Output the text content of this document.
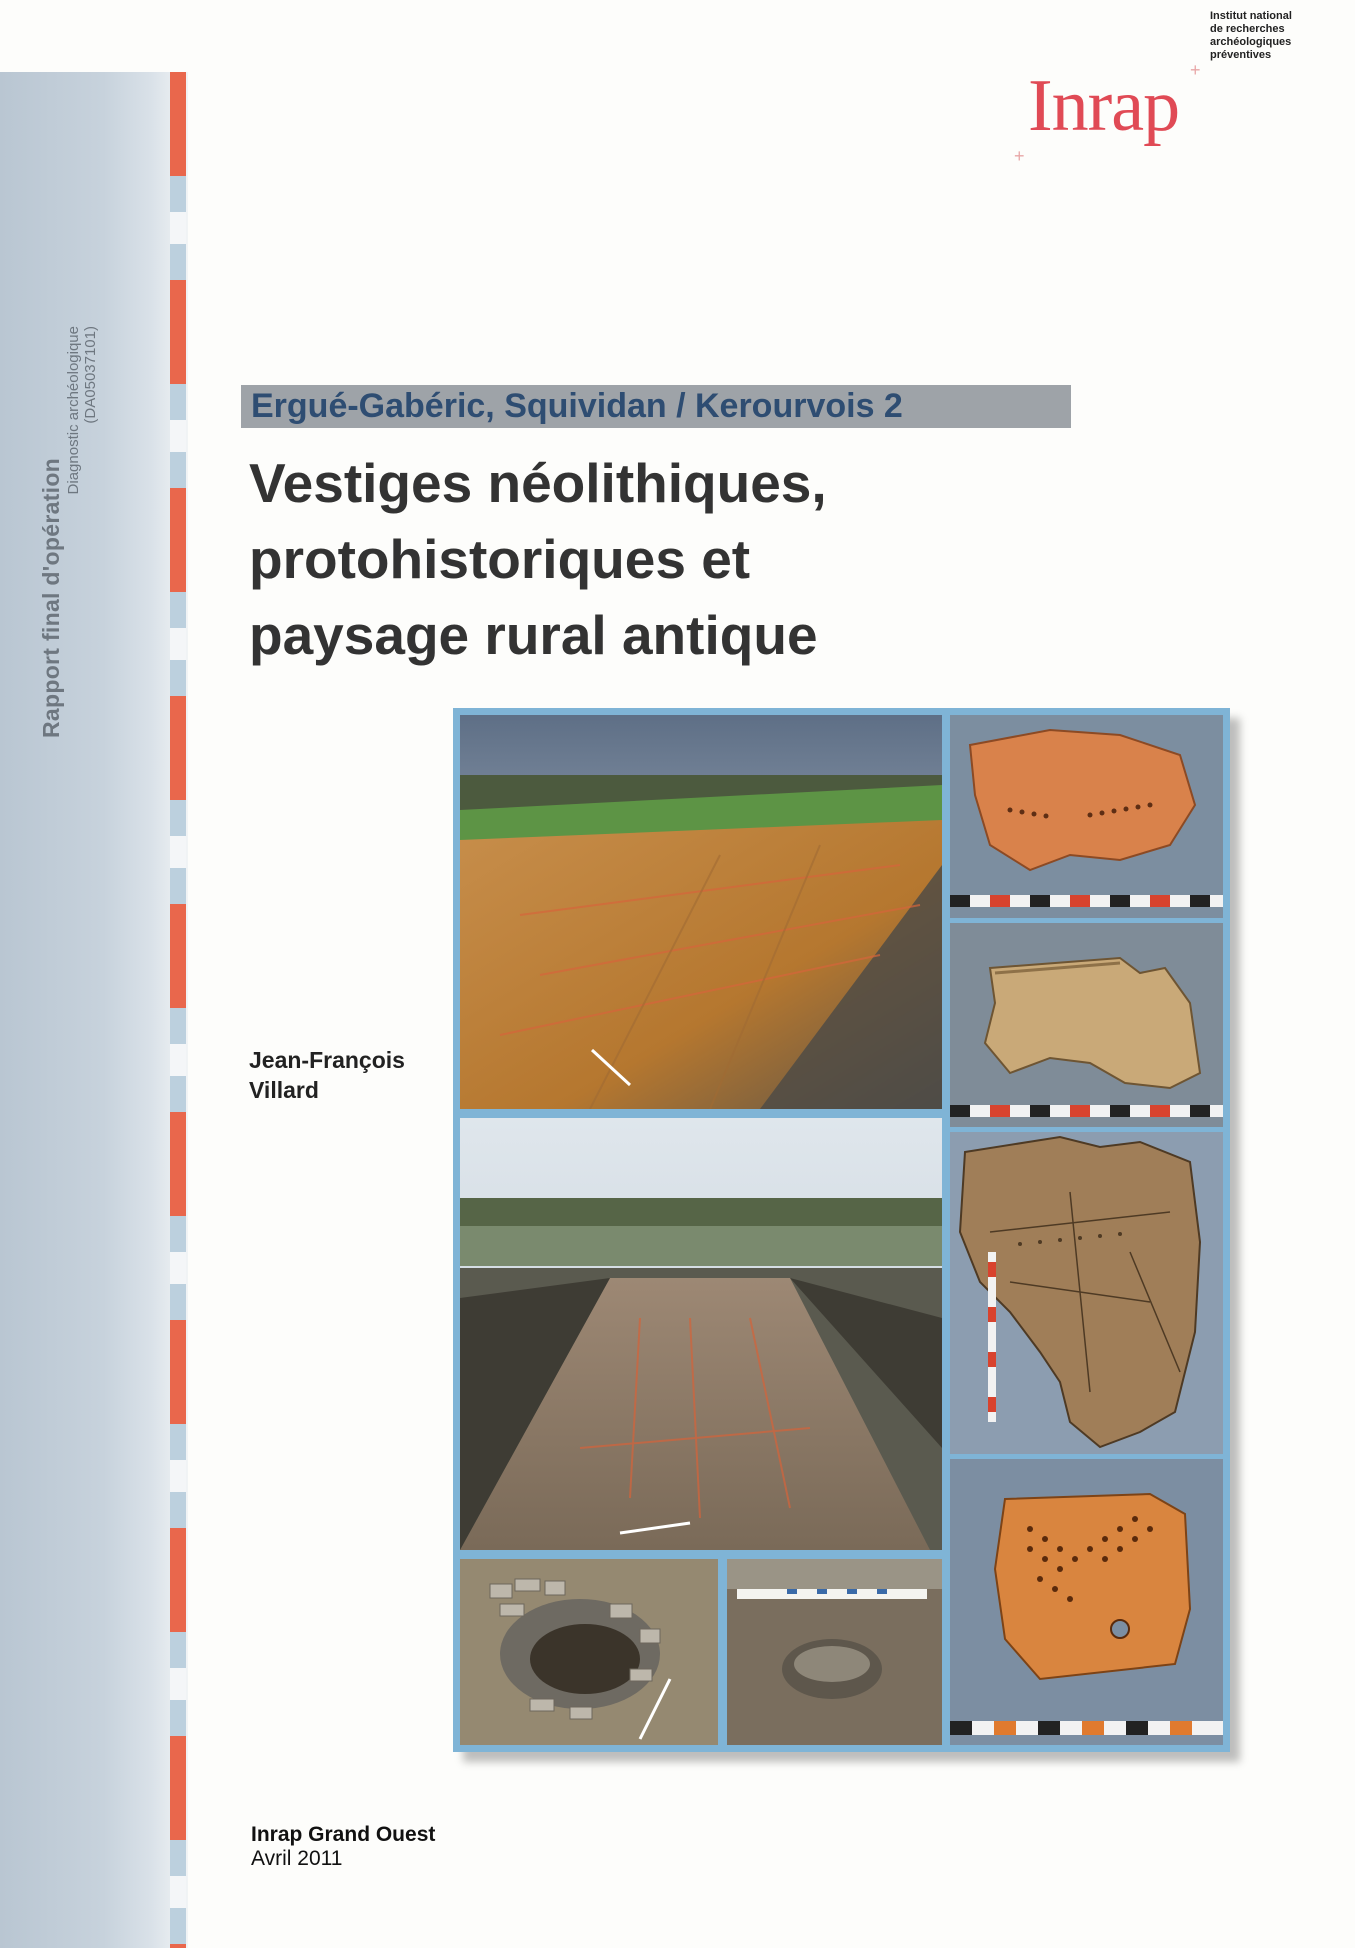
Rapport final d'opération
Diagnostic archéologique (DA05037101)
Institut national
de recherches
archéologiques
préventives
Inrap +
+
Ergué-Gabéric, Squividan / Kerourvois 2
Vestiges néolithiques,
protohistoriques et
paysage rural antique
Jean-François
Villard
Inrap Grand Ouest
Avril 2011
